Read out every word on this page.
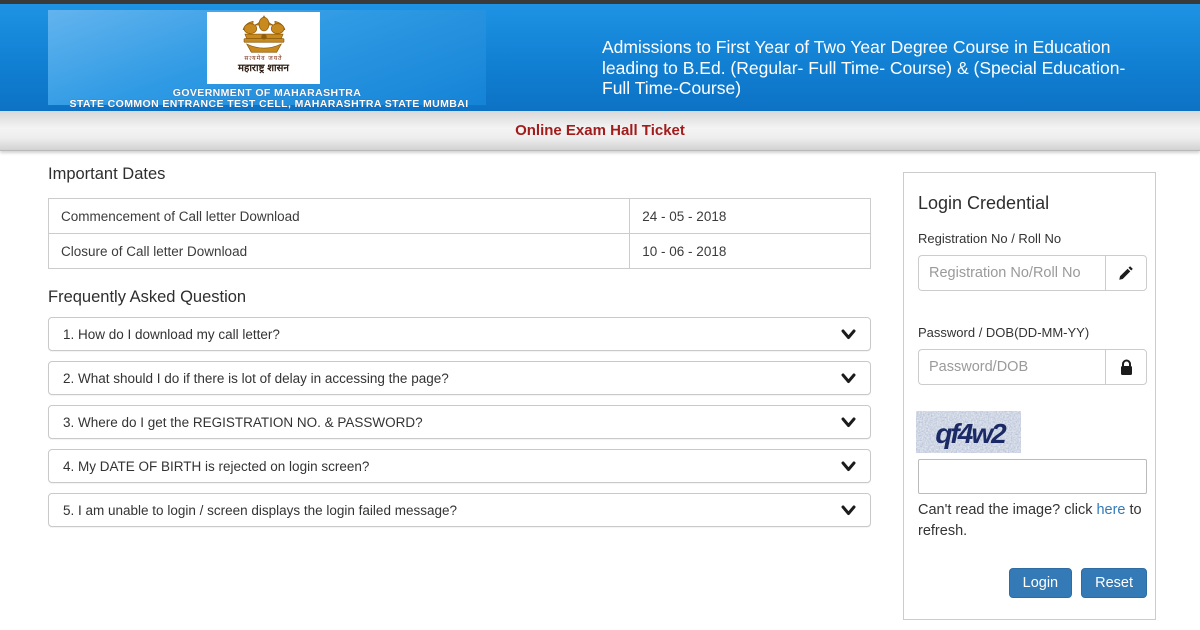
सत्यमेव जयते
महाराष्ट्र शासन
GOVERNMENT OF MAHARASHTRA
STATE COMMON ENTRANCE TEST CELL, MAHARASHTRA STATE MUMBAI
Admissions to First Year of Two Year Degree Course in Education leading to B.Ed. (Regular- Full Time- Course) & (Special Education- Full Time-Course)
Online Exam Hall Ticket
Important Dates
Commencement of Call letter Download	24 - 05 - 2018
Closure of Call letter Download	10 - 06 - 2018
Frequently Asked Question
1. How do I download my call letter?
2. What should I do if there is lot of delay in accessing the page?
3. Where do I get the REGISTRATION NO. & PASSWORD?
4. My DATE OF BIRTH is rejected on login screen?
5. I am unable to login / screen displays the login failed message?
Login Credential
Registration No / Roll No
Registration No/Roll No
Password / DOB(DD-MM-YY)
Password/DOB
qf4w2
Can't read the image? click here to refresh.
Login	Reset
